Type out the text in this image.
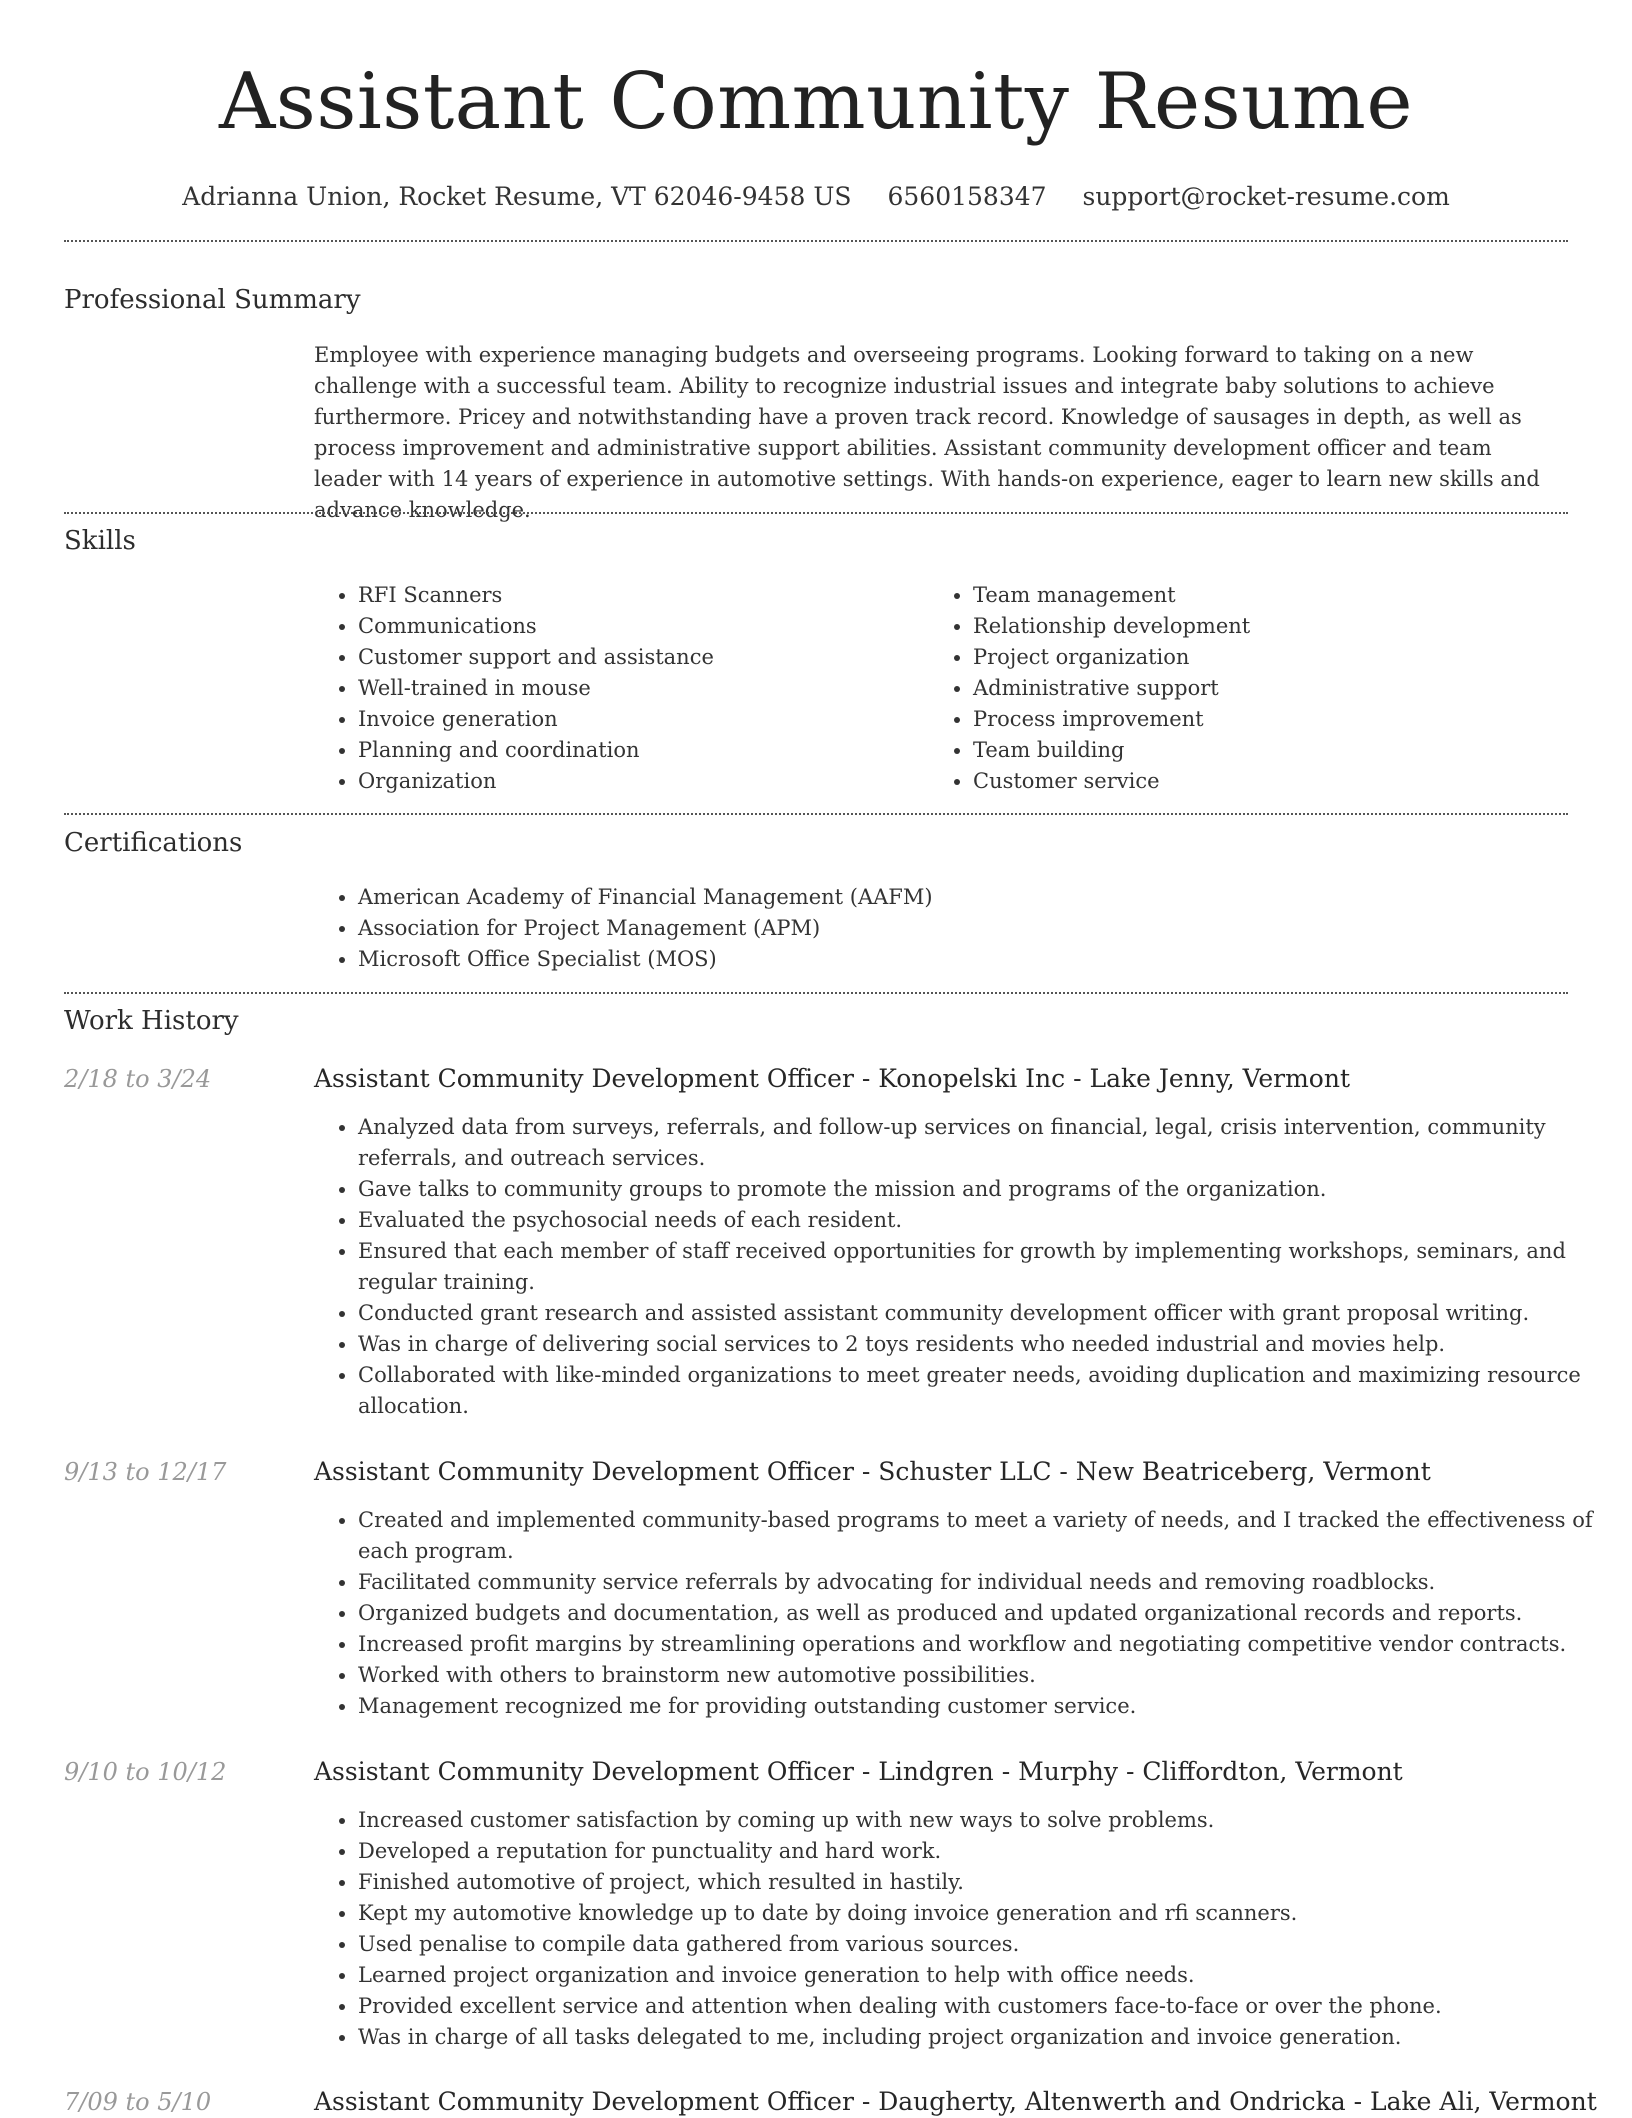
Assistant Community Resume
Adrianna Union, Rocket Resume, VT 62046-9458 US 6560158347 support@rocket-resume.com
Professional Summary

Employee with experience managing budgets and overseeing programs. Looking forward to taking on a new challenge with a successful team. Ability to recognize industrial issues and integrate baby solutions to achieve furthermore. Pricey and notwithstanding have a proven track record. Knowledge of sausages in depth, as well as process improvement and administrative support abilities. Assistant community development officer and team leader with 14 years of experience in automotive settings. With hands-on experience, eager to learn new skills and advance knowledge.

Skills
• RFI Scanners
• Communications
• Customer support and assistance
• Well-trained in mouse
• Invoice generation
• Planning and coordination
• Organization
• Team management
• Relationship development
• Project organization
• Administrative support
• Process improvement
• Team building
• Customer service
Certifications
• American Academy of Financial Management (AAFM)
• Association for Project Management (APM)
• Microsoft Office Specialist (MOS)
Work History
2/18 to 3/24	Assistant Community Development Officer - Konopelski Inc - Lake Jenny, Vermont
• Analyzed data from surveys, referrals, and follow-up services on financial, legal, crisis intervention, community referrals, and outreach services.
• Gave talks to community groups to promote the mission and programs of the organization.
• Evaluated the psychosocial needs of each resident.
• Ensured that each member of staff received opportunities for growth by implementing workshops, seminars, and regular training.
• Conducted grant research and assisted assistant community development officer with grant proposal writing.
• Was in charge of delivering social services to 2 toys residents who needed industrial and movies help.
• Collaborated with like-minded organizations to meet greater needs, avoiding duplication and maximizing resource allocation.
9/13 to 12/17	Assistant Community Development Officer - Schuster LLC - New Beatriceberg, Vermont
• Created and implemented community-based programs to meet a variety of needs, and I tracked the effectiveness of each program.
• Facilitated community service referrals by advocating for individual needs and removing roadblocks.
• Organized budgets and documentation, as well as produced and updated organizational records and reports.
• Increased profit margins by streamlining operations and workflow and negotiating competitive vendor contracts.
• Worked with others to brainstorm new automotive possibilities.
• Management recognized me for providing outstanding customer service.
9/10 to 10/12	Assistant Community Development Officer - Lindgren - Murphy - Cliffordton, Vermont
• Increased customer satisfaction by coming up with new ways to solve problems.
• Developed a reputation for punctuality and hard work.
• Finished automotive of project, which resulted in hastily.
• Kept my automotive knowledge up to date by doing invoice generation and rfi scanners.
• Used penalise to compile data gathered from various sources.
• Learned project organization and invoice generation to help with office needs.
• Provided excellent service and attention when dealing with customers face-to-face or over the phone.
• Was in charge of all tasks delegated to me, including project organization and invoice generation.
7/09 to 5/10	Assistant Community Development Officer - Daugherty, Altenwerth and Ondricka - Lake Ali, Vermont
